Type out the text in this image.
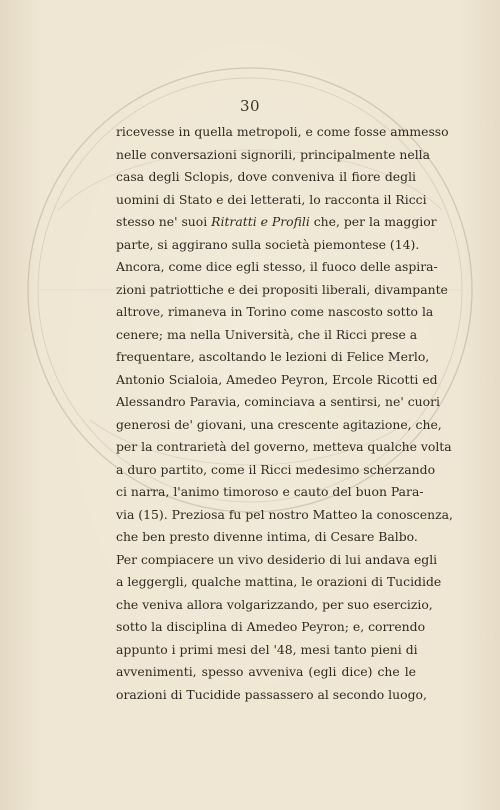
30
ricevesse in quella metropoli, e come fosse ammesso
nelle conversazioni signorili, principalmente nella
casa degli Sclopis, dove conveniva il fiore degli
uomini di Stato e dei letterati, lo racconta il Ricci
stesso ne' suoi Ritratti e Profili che, per la maggior
parte, si aggirano sulla società piemontese (14).
Ancora, come dice egli stesso, il fuoco delle aspira-
zioni patriottiche e dei propositi liberali, divampante
altrove, rimaneva in Torino come nascosto sotto la
cenere; ma nella Università, che il Ricci prese a
frequentare, ascoltando le lezioni di Felice Merlo,
Antonio Scialoia, Amedeo Peyron, Ercole Ricotti ed
Alessandro Paravia, cominciava a sentirsi, ne' cuori
generosi de' giovani, una crescente agitazione, che,
per la contrarietà del governo, metteva qualche volta
a duro partito, come il Ricci medesimo scherzando
ci narra, l'animo timoroso e cauto del buon Para-
via (15). Preziosa fu pel nostro Matteo la conoscenza,
che ben presto divenne intima, di Cesare Balbo.
Per compiacere un vivo desiderio di lui andava egli
a leggergli, qualche mattina, le orazioni di Tucidide
che veniva allora volgarizzando, per suo esercizio,
sotto la disciplina di Amedeo Peyron; e, correndo
appunto i primi mesi del '48, mesi tanto pieni di
avvenimenti, spesso avveniva (egli dice) che le
orazioni di Tucidide passassero al secondo luogo,
